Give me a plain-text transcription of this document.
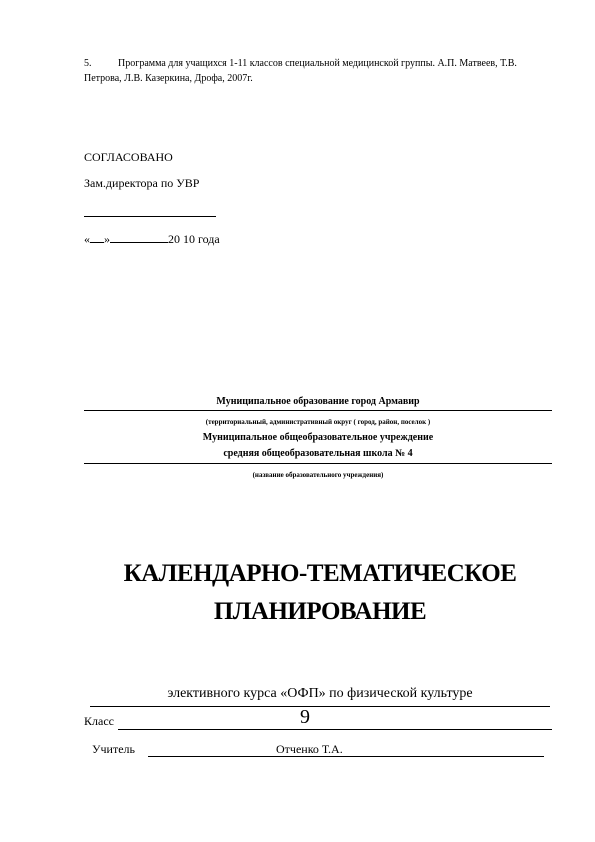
5.	Программа для учащихся 1-11 классов специальной медицинской группы. А.П. Матвеев, Т.В. Петрова, Л.В. Казеркина, Дрофа, 2007г.
СОГЛАСОВАНО
Зам.директора по УВР
« »	20 10 года
Муниципальное образование город Армавир
(территориальный, административный округ ( город, район, поселок )
Муниципальное общеобразовательное учреждение
средняя общеобразовательная школа № 4
(название образовательного учреждения)
КАЛЕНДАРНО-ТЕМАТИЧЕСКОЕ
ПЛАНИРОВАНИЕ
элективного курса «ОФП» по физической культуре
Класс	9
Учитель	Отченко Т.А.
